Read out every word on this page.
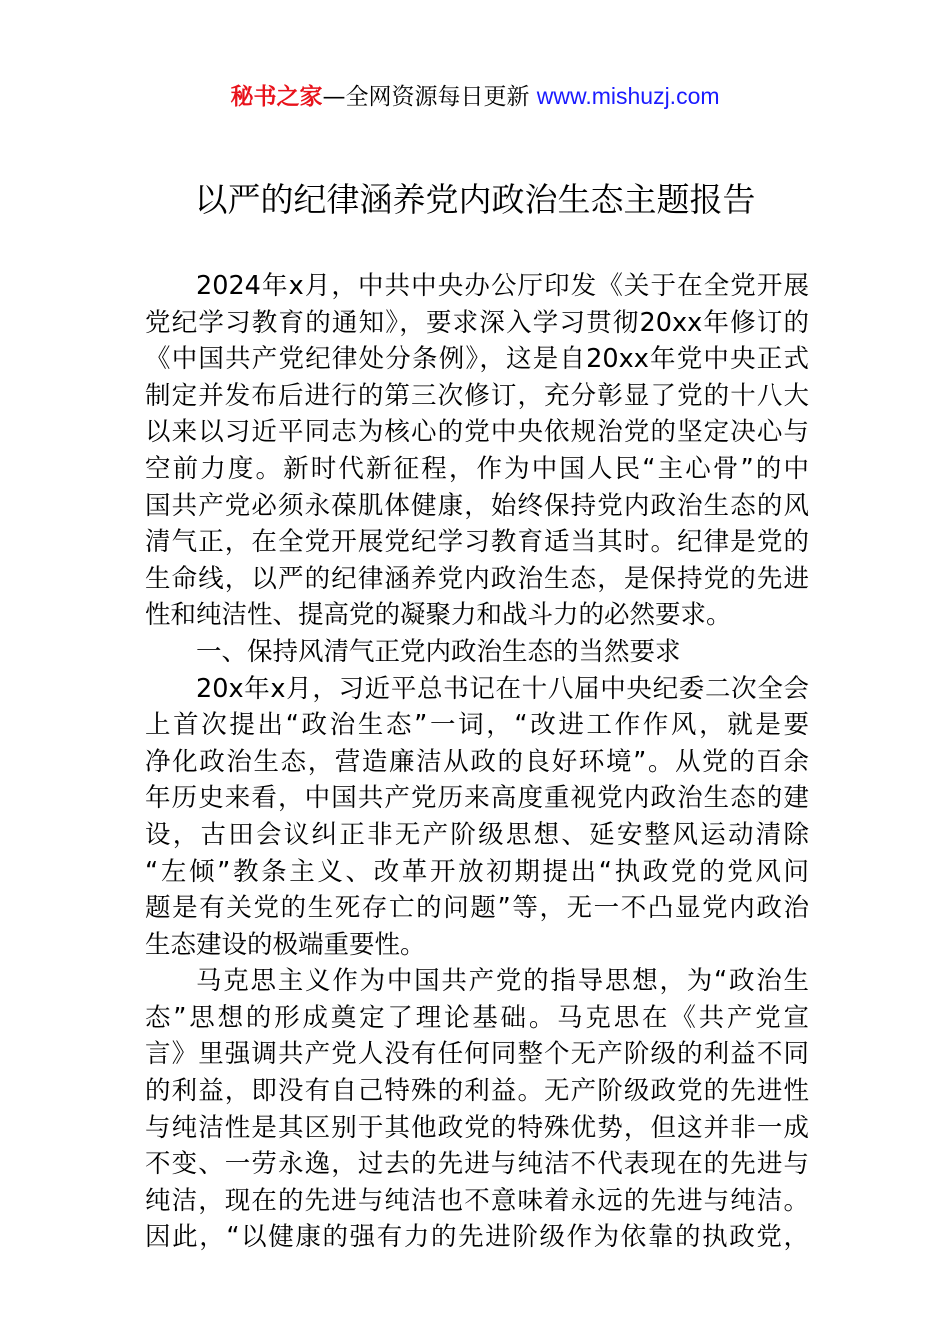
秘书之家—全网资源每日更新 www.mishuzj.com
以严的纪律涵养党内政治生态主题报告
2024年x月，中共中央办公厅印发《关于在全党开展
党纪学习教育的通知》，要求深入学习贯彻20xx年修订的
《中国共产党纪律处分条例》，这是自20xx年党中央正式
制定并发布后进行的第三次修订，充分彰显了党的十八大
以来以习近平同志为核心的党中央依规治党的坚定决心与
空前力度。新时代新征程，作为中国人民“主心骨”的中
国共产党必须永葆肌体健康，始终保持党内政治生态的风
清气正，在全党开展党纪学习教育适当其时。纪律是党的
生命线，以严的纪律涵养党内政治生态，是保持党的先进
性和纯洁性、提高党的凝聚力和战斗力的必然要求。
一、保持风清气正党内政治生态的当然要求
20x年x月，习近平总书记在十八届中央纪委二次全会
上首次提出“政治生态”一词，“改进工作作风，就是要
净化政治生态，营造廉洁从政的良好环境”。从党的百余
年历史来看，中国共产党历来高度重视党内政治生态的建
设，古田会议纠正非无产阶级思想、延安整风运动清除
“左倾”教条主义、改革开放初期提出“执政党的党风问
题是有关党的生死存亡的问题”等，无一不凸显党内政治
生态建设的极端重要性。
马克思主义作为中国共产党的指导思想，为“政治生
态”思想的形成奠定了理论基础。马克思在《共产党宣
言》里强调共产党人没有任何同整个无产阶级的利益不同
的利益，即没有自己特殊的利益。无产阶级政党的先进性
与纯洁性是其区别于其他政党的特殊优势，但这并非一成
不变、一劳永逸，过去的先进与纯洁不代表现在的先进与
纯洁，现在的先进与纯洁也不意味着永远的先进与纯洁。
因此，“以健康的强有力的先进阶级作为依靠的执政党，
